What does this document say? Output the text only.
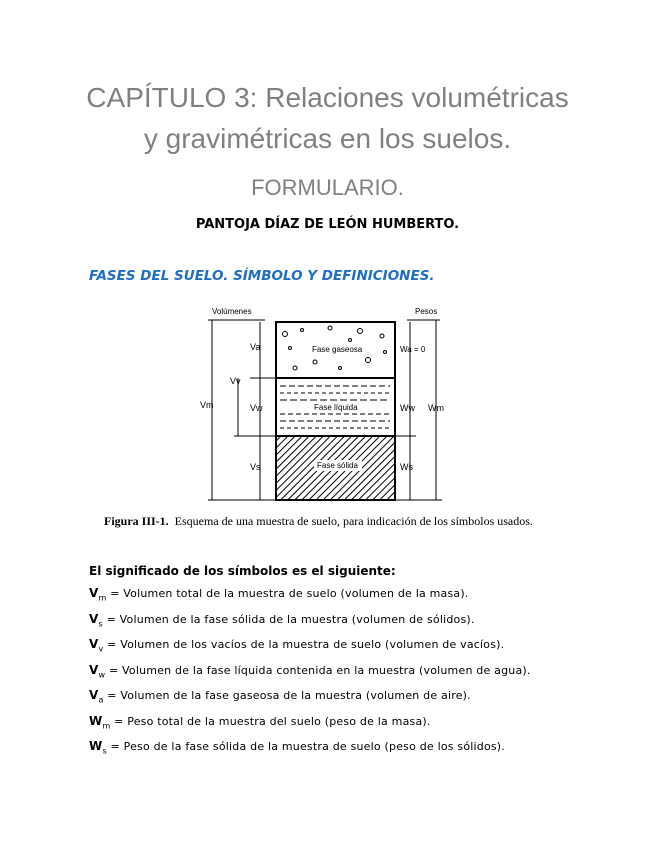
CAPÍTULO 3: Relaciones volumétricas
y gravimétricas en los suelos.
FORMULARIO.
PANTOJA DÍAZ DE LEÓN HUMBERTO.
FASES DEL SUELO. SÍMBOLO Y DEFINICIONES.
Volúmenes	Pesos
Fase gaseosa
Fase líquida
Fase sólida
Va
Vv
Vm	Vw
Vs
Wa = 0
Ww
Ws
Wm
Figura III-1. Esquema de una muestra de suelo, para indicación de los símbolos usados.
El significado de los símbolos es el siguiente:
$V_m$ = Volumen total de la muestra de suelo (volumen de la masa).
$V_s$ = Volumen de la fase sólida de la muestra (volumen de sólidos).
$V_v$ = Volumen de los vacíos de la muestra de suelo (volumen de vacíos).
$V_w$ = Volumen de la fase líquida contenida en la muestra (volumen de agua).
$V_a$ = Volumen de la fase gaseosa de la muestra (volumen de aire).
$W_m$ = Peso total de la muestra del suelo (peso de la masa).
$W_s$ = Peso de la fase sólida de la muestra de suelo (peso de los sólidos).
